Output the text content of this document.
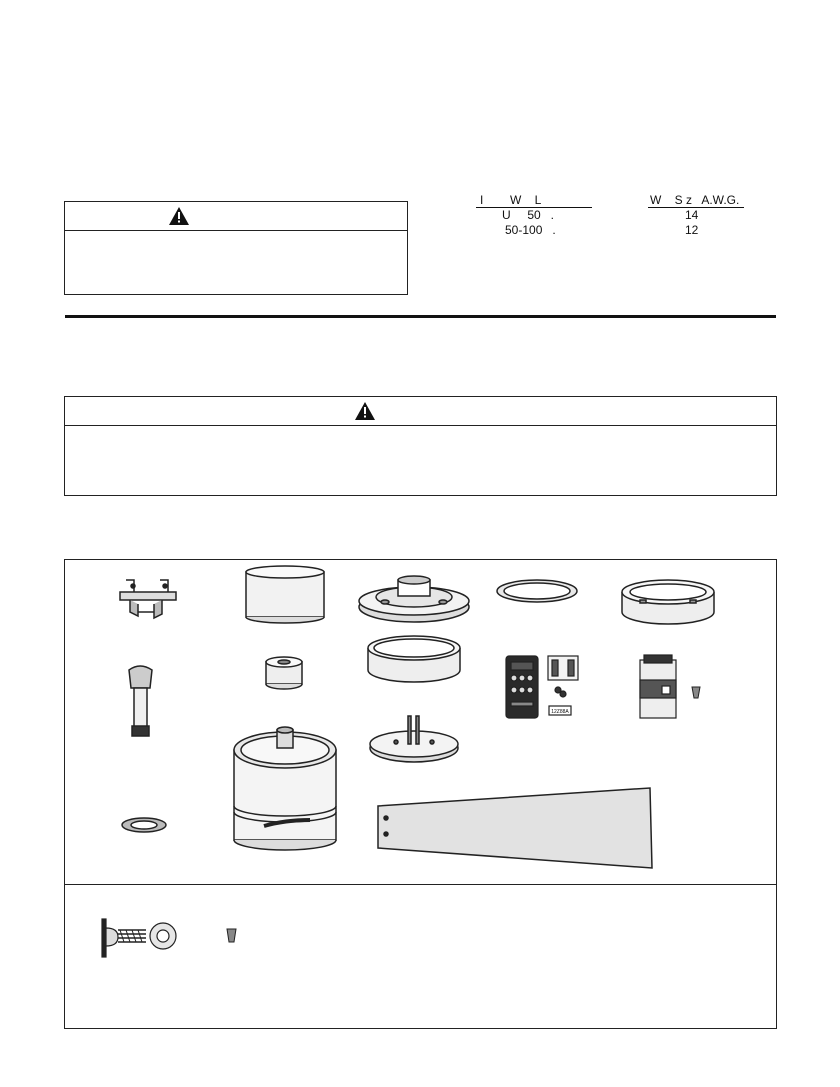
I        W    L	W    S z   A.W.G.
U     50   .	14
50-100   .	12
12Z88A
